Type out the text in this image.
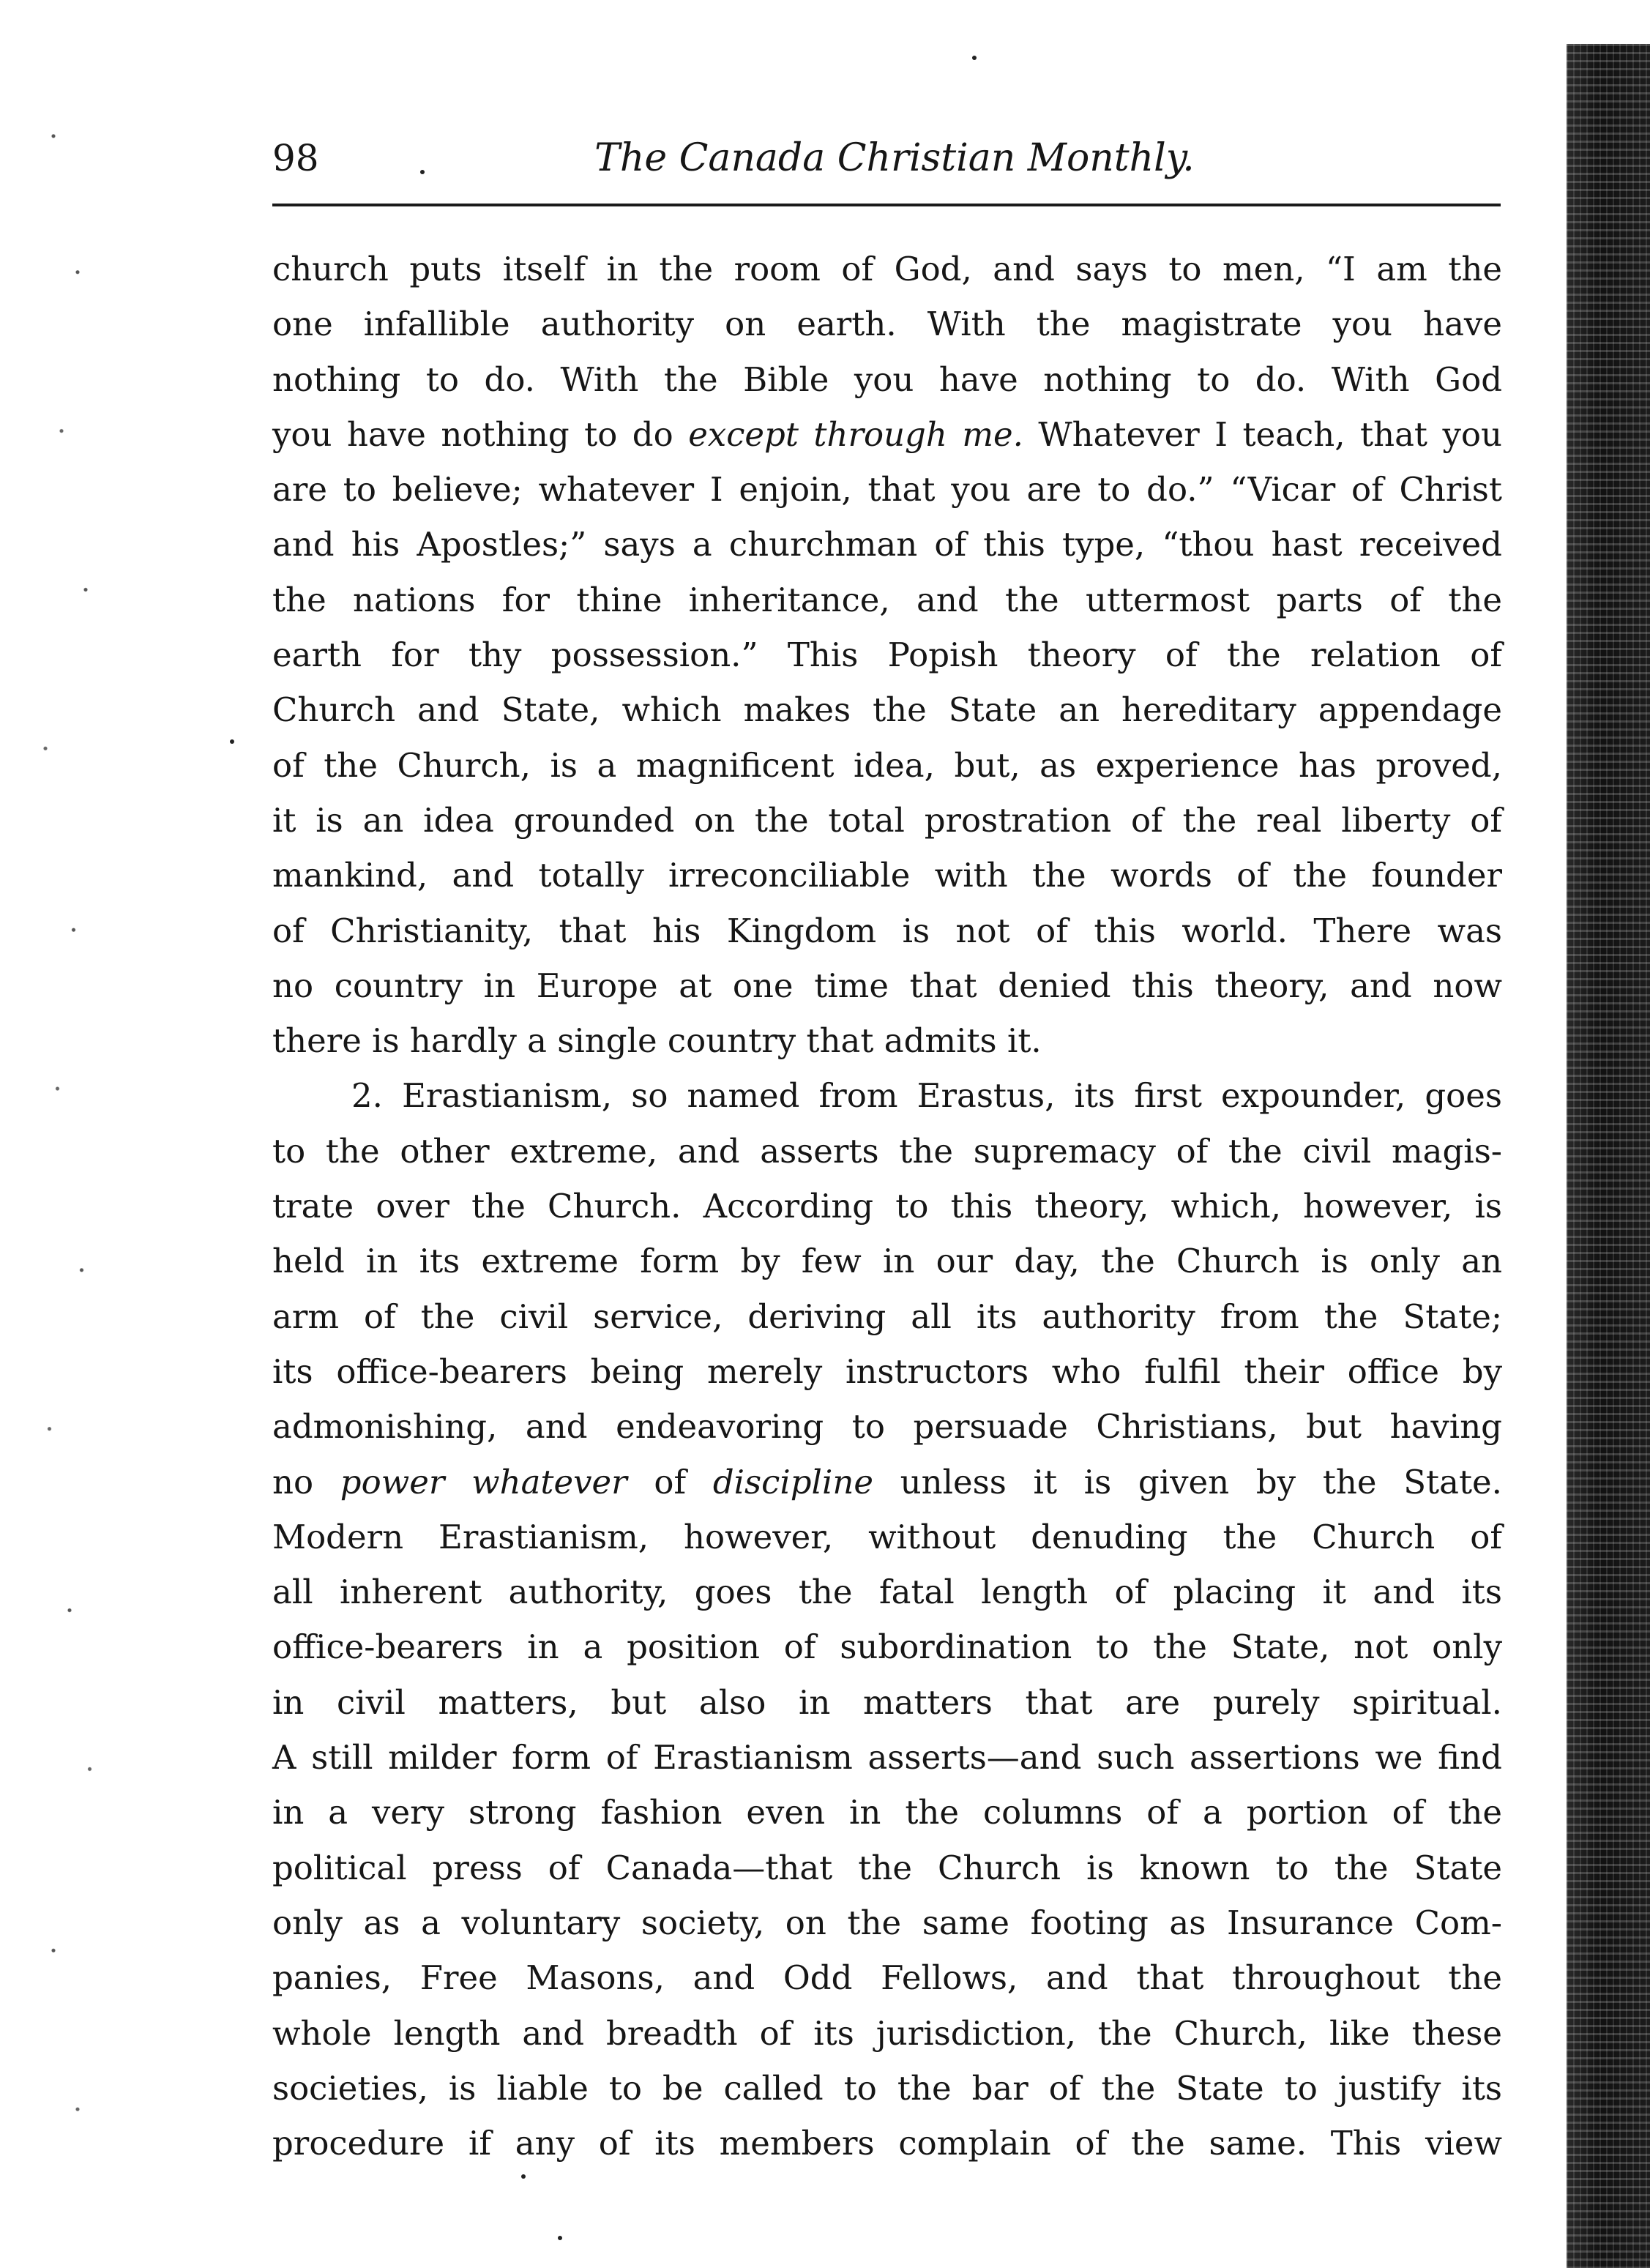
98	The Canada Christian Monthly.
church puts itself in the room of God, and says to men, “I am the
one infallible authority on earth. With the magistrate you have
nothing to do. With the Bible you have nothing to do. With God
you have nothing to do except through me. Whatever I teach, that you
are to believe; whatever I enjoin, that you are to do.” “Vicar of Christ
and his Apostles;” says a churchman of this type, “thou hast received
the nations for thine inheritance, and the uttermost parts of the
earth for thy possession.” This Popish theory of the relation of
Church and State, which makes the State an hereditary appendage
of the Church, is a magnificent idea, but, as experience has proved,
it is an idea grounded on the total prostration of the real liberty of
mankind, and totally irreconciliable with the words of the founder
of Christianity, that his Kingdom is not of this world. There was
no country in Europe at one time that denied this theory, and now
there is hardly a single country that admits it.
2. Erastianism, so named from Erastus, its first expounder, goes
to the other extreme, and asserts the supremacy of the civil magis-
trate over the Church. According to this theory, which, however, is
held in its extreme form by few in our day, the Church is only an
arm of the civil service, deriving all its authority from the State;
its office-bearers being merely instructors who fulfil their office by
admonishing, and endeavoring to persuade Christians, but having
no power whatever of discipline unless it is given by the State.
Modern Erastianism, however, without denuding the Church of
all inherent authority, goes the fatal length of placing it and its
office-bearers in a position of subordination to the State, not only
in civil matters, but also in matters that are purely spiritual.
A still milder form of Erastianism asserts—and such assertions we find
in a very strong fashion even in the columns of a portion of the
political press of Canada—that the Church is known to the State
only as a voluntary society, on the same footing as Insurance Com-
panies, Free Masons, and Odd Fellows, and that throughout the
whole length and breadth of its jurisdiction, the Church, like these
societies, is liable to be called to the bar of the State to justify its
procedure if any of its members complain of the same. This view
